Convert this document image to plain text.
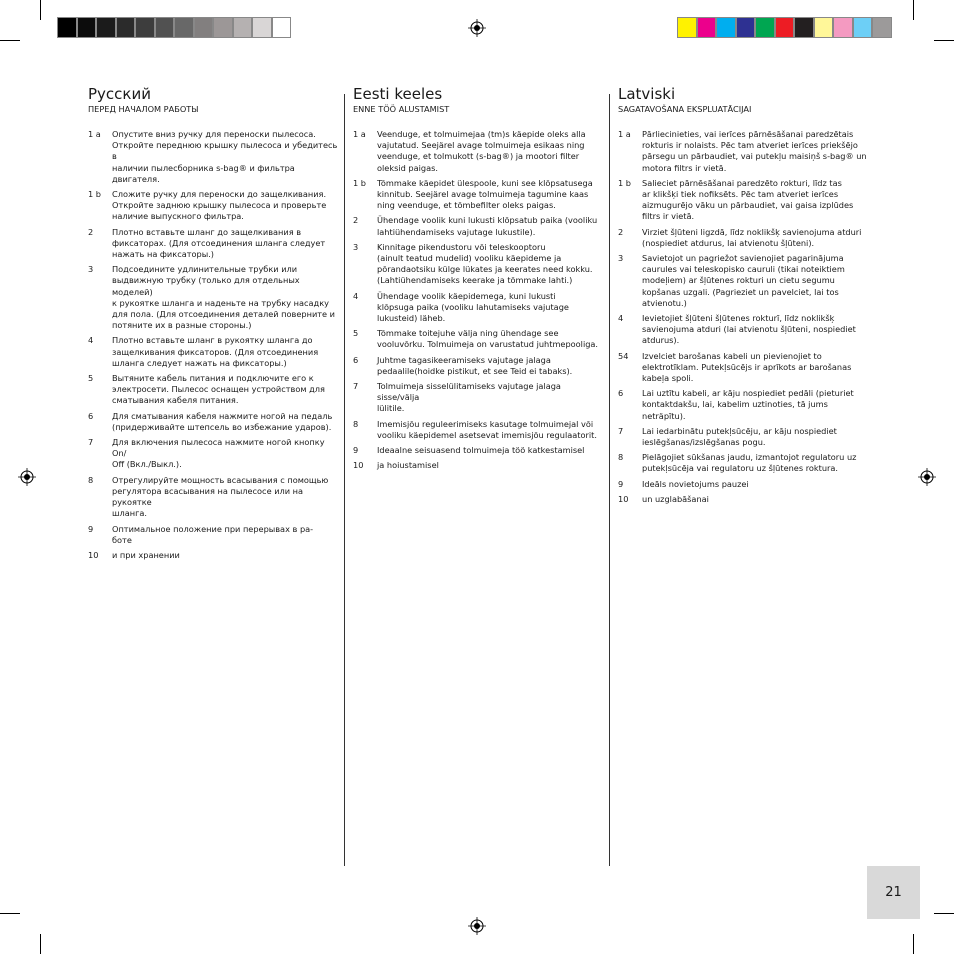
Русский
ПЕРЕД НАЧАЛОМ РАБОТЫ
1 a	Опустите вниз ручку для переноски пылесоса.
Откройте переднюю крышку пылесоса и убедитесь в
наличии пылесборника s-bag® и фильтра двигателя.
1 b	Сложите ручку для переноски до защелкивания.
Откройте заднюю крышку пылесоса и проверьте
наличие выпускного фильтра.
2	Плотно вставьте шланг до защелкивания в
фиксаторах. (Для отсоединения шланга следует
нажать на фиксаторы.)
3	Подсоедините удлинительные трубки или
выдвижную трубку (только для отдельных моделей)
к рукоятке шланга и наденьте на трубку насадку
для пола. (Для отсоединения деталей поверните и
потяните их в разные стороны.)
4	Плотно вставьте шланг в рукоятку шланга до
защелкивания фиксаторов. (Для отсоединения
шланга следует нажать на фиксаторы.)
5	Вытяните кабель питания и подключите его к
электросети. Пылесос оснащен устройством для
сматывания кабеля питания.
6	Для сматывания кабеля нажмите ногой на педаль
(придерживайте штепсель во избежание ударов).
7	Для включения пылесоса нажмите ногой кнопку On/
Off (Вкл./Выкл.).
8	Отрегулируйте мощность всасывания с помощью
регулятора всасывания на пылесосе или на рукоятке
шланга.
9	Оптимальное положение при перерывах в ра-
боте
10	и при хранении
Eesti keeles
ENNE TÖÖ ALUSTAMIST
1 a	Veenduge, et tolmuimejaa (tm)s käepide oleks alla
vajutatud. Seejärel avage tolmuimeja esikaas ning
veenduge, et tolmukott (s-bag®) ja mootori filter
oleksid paigas.
1 b	Tõmmake käepidet ülespoole, kuni see klõpsatusega
kinnitub. Seejärel avage tolmuimeja tagumine kaas
ning veenduge, et tõmbefilter oleks paigas.
2	Ühendage voolik kuni lukusti klõpsatub paika (vooliku
lahtiühendamiseks vajutage lukustile).
3	Kinnitage pikendustoru või teleskooptoru
(ainult teatud mudelid) vooliku käepideme ja
põrandaotsiku külge lükates ja keerates need kokku.
(Lahtiühendamiseks keerake ja tõmmake lahti.)
4	Ühendage voolik käepidemega, kuni lukusti
klõpsuga paika (vooliku lahutamiseks vajutage
lukusteid) läheb.
5	Tõmmake toitejuhe välja ning ühendage see
vooluvõrku. Tolmuimeja on varustatud juhtmepooliga.
6	Juhtme tagasikeeramiseks vajutage jalaga
pedaalile(hoidke pistikut, et see Teid ei tabaks).
7	Tolmuimeja sisselülitamiseks vajutage jalaga sisse/välja
lülitile.
8	Imemisjõu reguleerimiseks kasutage tolmuimejal või
vooliku käepidemel asetsevat imemisjõu regulaatorit.
9	Ideaalne seisuasend tolmuimeja töö katkestamisel
10	ja hoiustamisel
Latviski
SAGATAVOŠANA EKSPLUATĀCIJAI
1 a	Pārliecinieties, vai ierīces pārnēsāšanai paredzētais
rokturis ir nolaists. Pēc tam atveriet ierīces priekšējo
pārsegu un pārbaudiet, vai putekļu maisiņš s-bag® un
motora filtrs ir vietā.
1 b	Salieciet pārnēsāšanai paredzēto rokturi, līdz tas
ar klikšķi tiek nofiksēts. Pēc tam atveriet ierīces
aizmugurējo vāku un pārbaudiet, vai gaisa izplūdes
filtrs ir vietā.
2	Virziet šļūteni ligzdā, līdz noklikšķ savienojuma atduri
(nospiediet atdurus, lai atvienotu šļūteni).
3	Savietojot un pagriežot savienojiet pagarinājuma
caurules vai teleskopisko cauruli (tikai noteiktiem
modeļiem) ar šļūtenes rokturi un cietu segumu
kopšanas uzgali. (Pagrieziet un pavelciet, lai tos
atvienotu.)
4	Ievietojiet šļūteni šļūtenes rokturī, līdz noklikšķ
savienojuma atduri (lai atvienotu šļūteni, nospiediet
atdurus).
54	Izvelciet barošanas kabeli un pievienojiet to
elektrotīklam. Putekļsūcējs ir aprīkots ar barošanas
kabeļa spoli.
6	Lai uztītu kabeli, ar kāju nospiediet pedāli (pieturiet
kontaktdakšu, lai, kabelim uztinoties, tā jums
neträpītu).
7	Lai iedarbinātu putekļsūcēju, ar kāju nospiediet
ieslēgšanas/izslēgšanas pogu.
8	Pielāgojiet sūkšanas jaudu, izmantojot regulatoru uz
putekļsūcēja vai regulatoru uz šļūtenes roktura.
9	Ideāls novietojums pauzei
10	un uzglabāšanai
21
